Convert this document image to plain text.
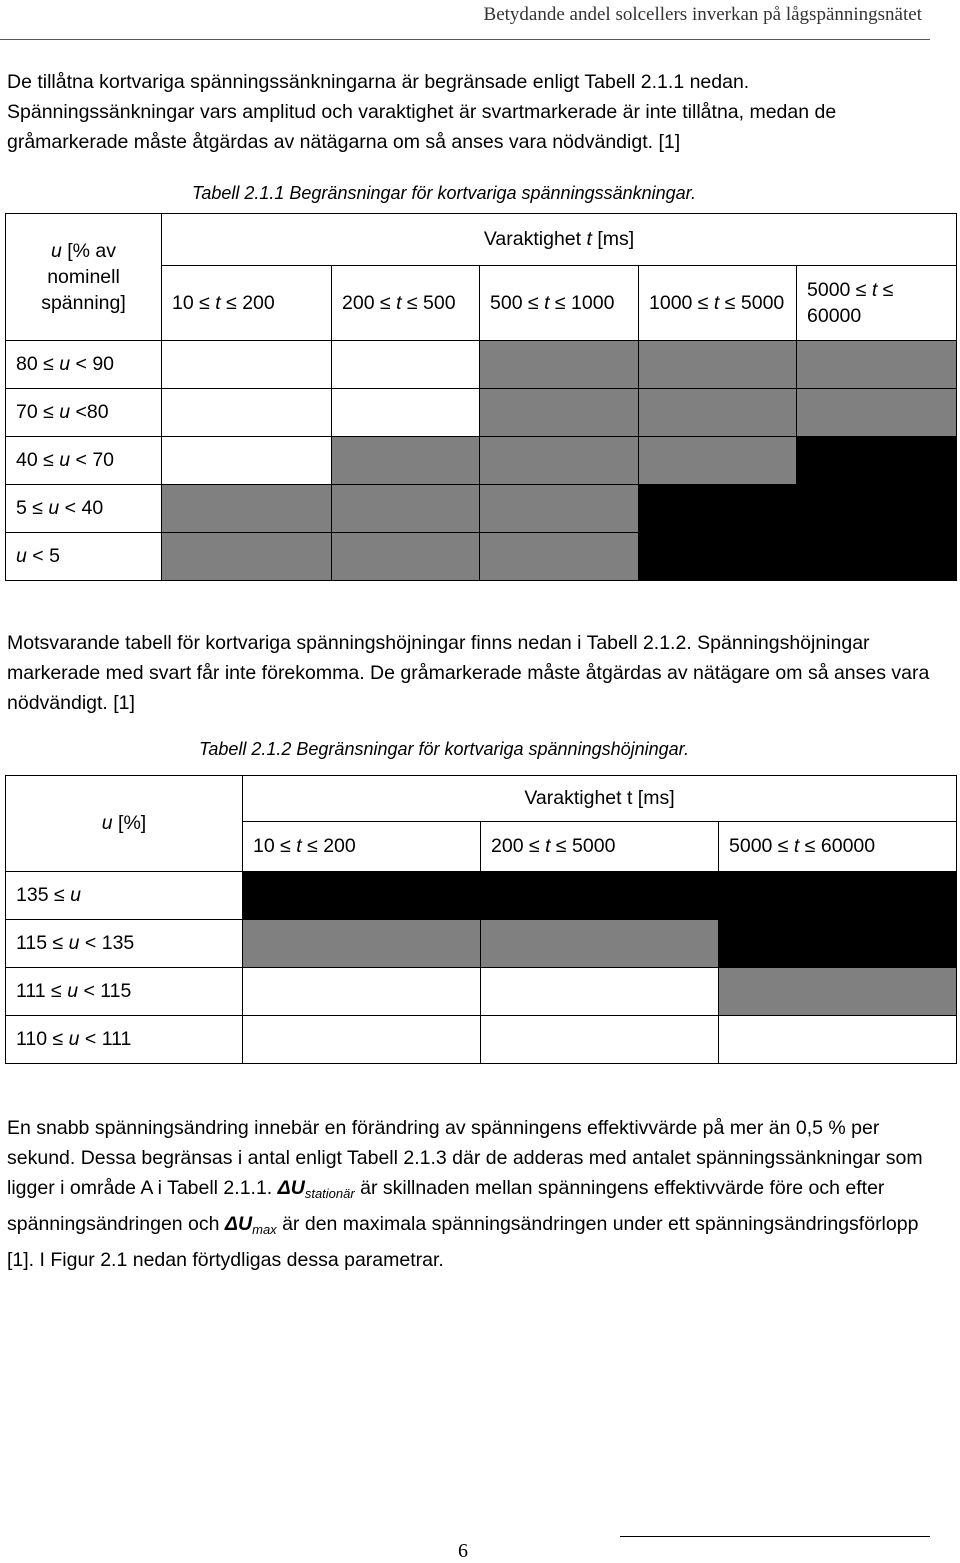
Betydande andel solcellers inverkan på lågspänningsnätet

De tillåtna kortvariga spänningssänkningarna är begränsade enligt Tabell 2.1.1 nedan. Spänningssänkningar vars amplitud och varaktighet är svartmarkerade är inte tillåtna, medan de gråmarkerade måste åtgärdas av nätägarna om så anses vara nödvändigt. [1]

Tabell 2.1.1 Begränsningar för kortvariga spänningssänkningar.
u [% av nominell spänning]	Varaktighet t [ms]				
	10 ≤ t ≤ 200	200 ≤ t ≤ 500	500 ≤ t ≤ 1000	1000 ≤ t ≤ 5000	5000 ≤ t ≤ 60000
80 ≤ u < 90					
70 ≤ u <80					
40 ≤ u < 70					
5 ≤ u < 40					
u < 5					

Motsvarande tabell för kortvariga spänningshöjningar finns nedan i Tabell 2.1.2. Spänningshöjningar markerade med svart får inte förekomma. De gråmarkerade måste åtgärdas av nätägare om så anses vara nödvändigt. [1]

Tabell 2.1.2 Begränsningar för kortvariga spänningshöjningar.
u [%]	Varaktighet t [ms]		
	10 ≤ t ≤ 200	200 ≤ t ≤ 5000	5000 ≤ t ≤ 60000
135 ≤ u			
115 ≤ u < 135			
111 ≤ u < 115			
110 ≤ u < 111			

En snabb spänningsändring innebär en förändring av spänningens effektivvärde på mer än 0,5 % per sekund. Dessa begränsas i antal enligt Tabell 2.1.3 där de adderas med antalet spänningssänkningar som ligger i område A i Tabell 2.1.1. $\Delta U_{stationär}$ är skillnaden mellan spänningens effektivvärde före och efter spänningsändringen och $\Delta U_{max}$ är den maximala spänningsändringen under ett spänningsändringsförlopp [1]. I Figur 2.1 nedan förtydligas dessa parametrar.

6
